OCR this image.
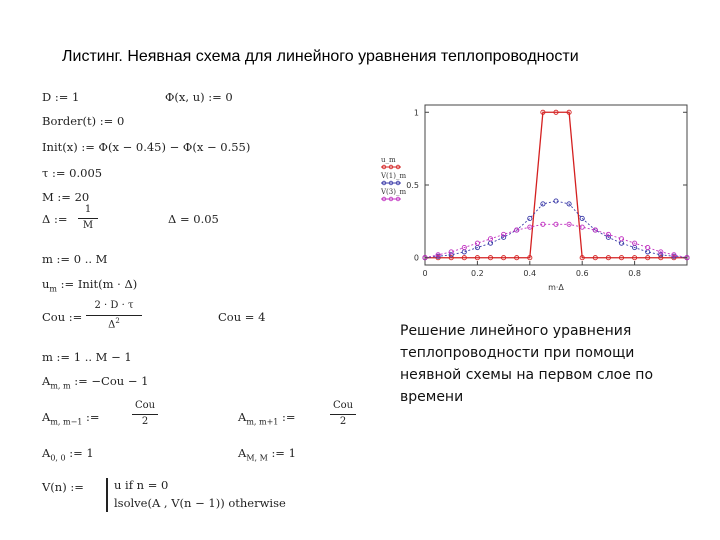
Листинг. Неявная схема для линейного уравнения теплопроводности
D := 1	Φ(x, u) := 0
Border(t) := 0
Init(x) := Φ(x − 0.45) − Φ(x − 0.55)
τ := 0.005
M := 20
Δ :=
1
M	Δ = 0.05
m := 0 .. M
$u_m$ := Init(m · Δ)
Cou :=
2 · D · τ
$\Delta^2$	Cou = 4
m := 1 .. M − 1
$A_{m, m}$ := −Cou − 1
$A_{m, m-1}$ :=
Cou
2	$A_{m, m+1}$ :=
Cou
2
$A_{0, 0}$ := 1	$A_{M, M}$ := 1
V(n) :=	u if n = 0
lsolve(A , V(n − 1)) otherwise
0	0.2	0.4	0.6	0.8
1
0.5
0
u_m
V(1)_m
V(3)_m
m·Δ
Решение линейного уравнения
теплопроводности при помощи
неявной схемы на первом слое по
времени
